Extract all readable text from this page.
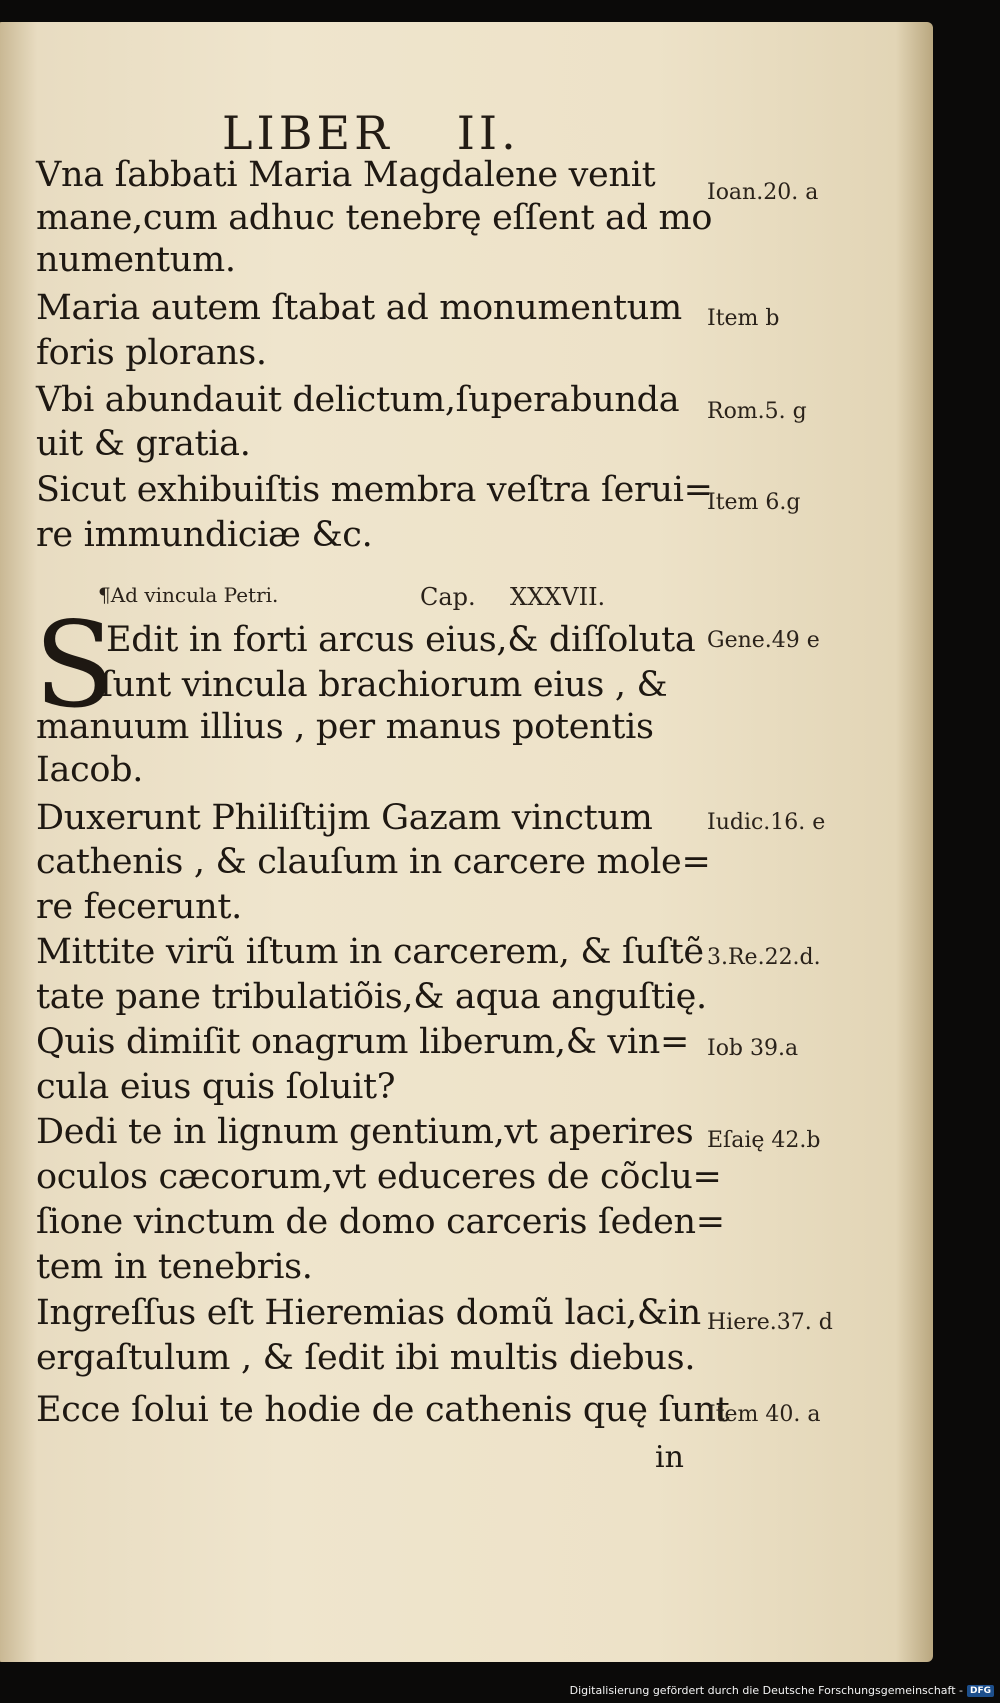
LIBER II.
Vna ſabbati Maria Magdalene venit
mane,cum adhuc tenebrę eſſent ad mo
numentum.
Maria autem ſtabat ad monumentum
foris plorans.
Vbi abundauit delictum,ſuperabunda
uit & gratia.
Sicut exhibuiſtis membra veſtra ſerui=
re immundiciæ &c.
Ioan.20. a
Item b
Rom.5. g
Item 6.g
¶Ad vincula Petri.	Cap. XXXVII.
S
Edit in forti arcus eius,& diſſoluta
ſunt vincula brachiorum eius , &
manuum illius , per manus potentis
Iacob.
Duxerunt Philiſtijm Gazam vinctum
cathenis , & clauſum in carcere mole=
re fecerunt.
Mittite virũ iſtum in carcerem, & ſuſtẽ
tate pane tribulatiõis,& aqua anguſtię.
Quis dimiſit onagrum liberum,& vin=
cula eius quis ſoluit?
Dedi te in lignum gentium,vt aperires
oculos cæcorum,vt educeres de cõclu=
ſione vinctum de domo carceris ſeden=
tem in tenebris.
Ingreſſus eſt Hieremias domũ laci,&in
ergaſtulum , & ſedit ibi multis diebus.
Ecce ſolui te hodie de cathenis quę ſunt
Gene.49 e
Iudic.16. e
3.Re.22.d.
Iob 39.a
Eſaię 42.b
Hiere.37. d
Item 40. a
in
Digitalisierung gefördert durch die Deutsche Forschungsgemeinschaft - DFG
